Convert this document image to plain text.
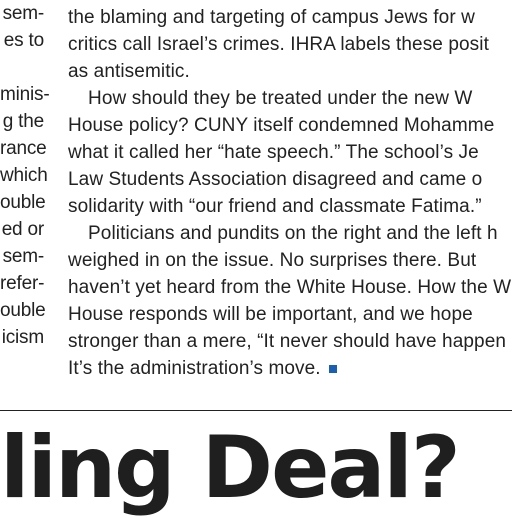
sem-
es to
minis-
g the
rance
which
ouble
ed or
sem-
refer-
ouble
icism
the blaming and targeting of campus Jews for w
critics call Israel’s crimes. IHRA labels these posit
as antisemitic.
How should they be treated under the new W
House policy? CUNY itself condemned Mohamme
what it called her “hate speech.” The school’s Je
Law Students Association disagreed and came o
solidarity with “our friend and classmate Fatima.”
Politicians and pundits on the right and the left h
weighed in on the issue. No surprises there. But
haven’t yet heard from the White House. How the W
House responds will be important, and we hope
stronger than a mere, “It never should have happen
It’s the administration’s move.
ling Deal?
